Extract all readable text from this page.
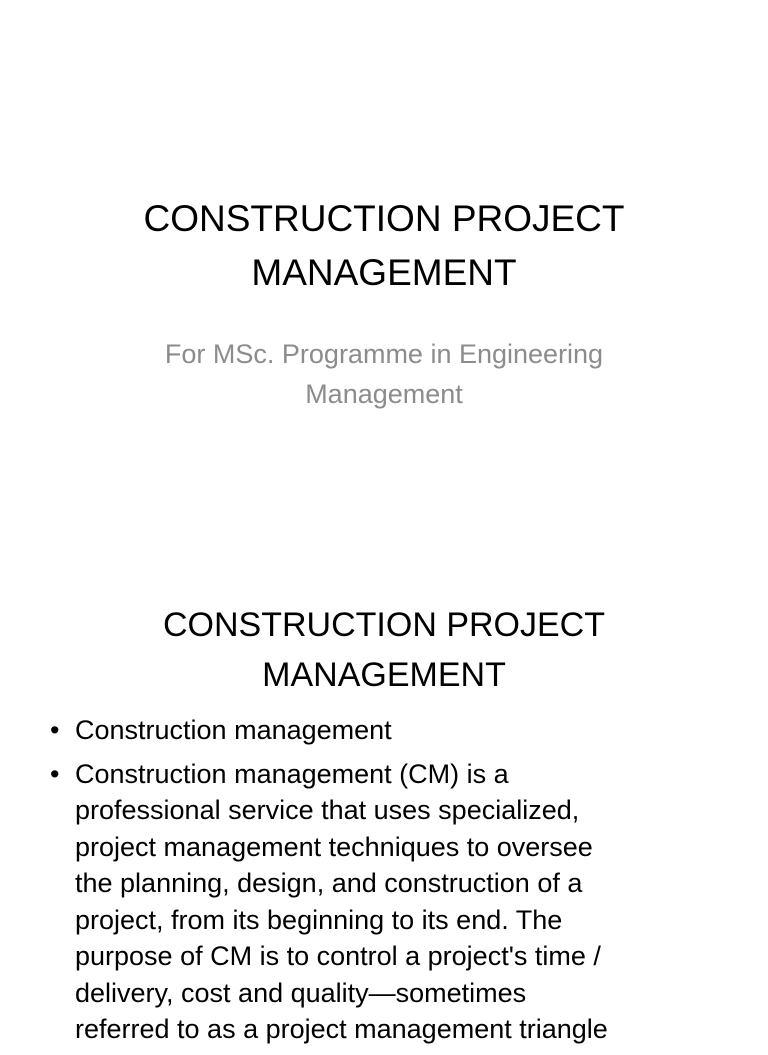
CONSTRUCTION PROJECT
MANAGEMENT

For MSc. Programme in Engineering
Management

CONSTRUCTION PROJECT
MANAGEMENT
• Construction management
• Construction management (CM) is a
professional service that uses specialized,
project management techniques to oversee
the planning, design, and construction of a
project, from its beginning to its end. The
purpose of CM is to control a project's time /
delivery, cost and quality—sometimes
referred to as a project management triangle
